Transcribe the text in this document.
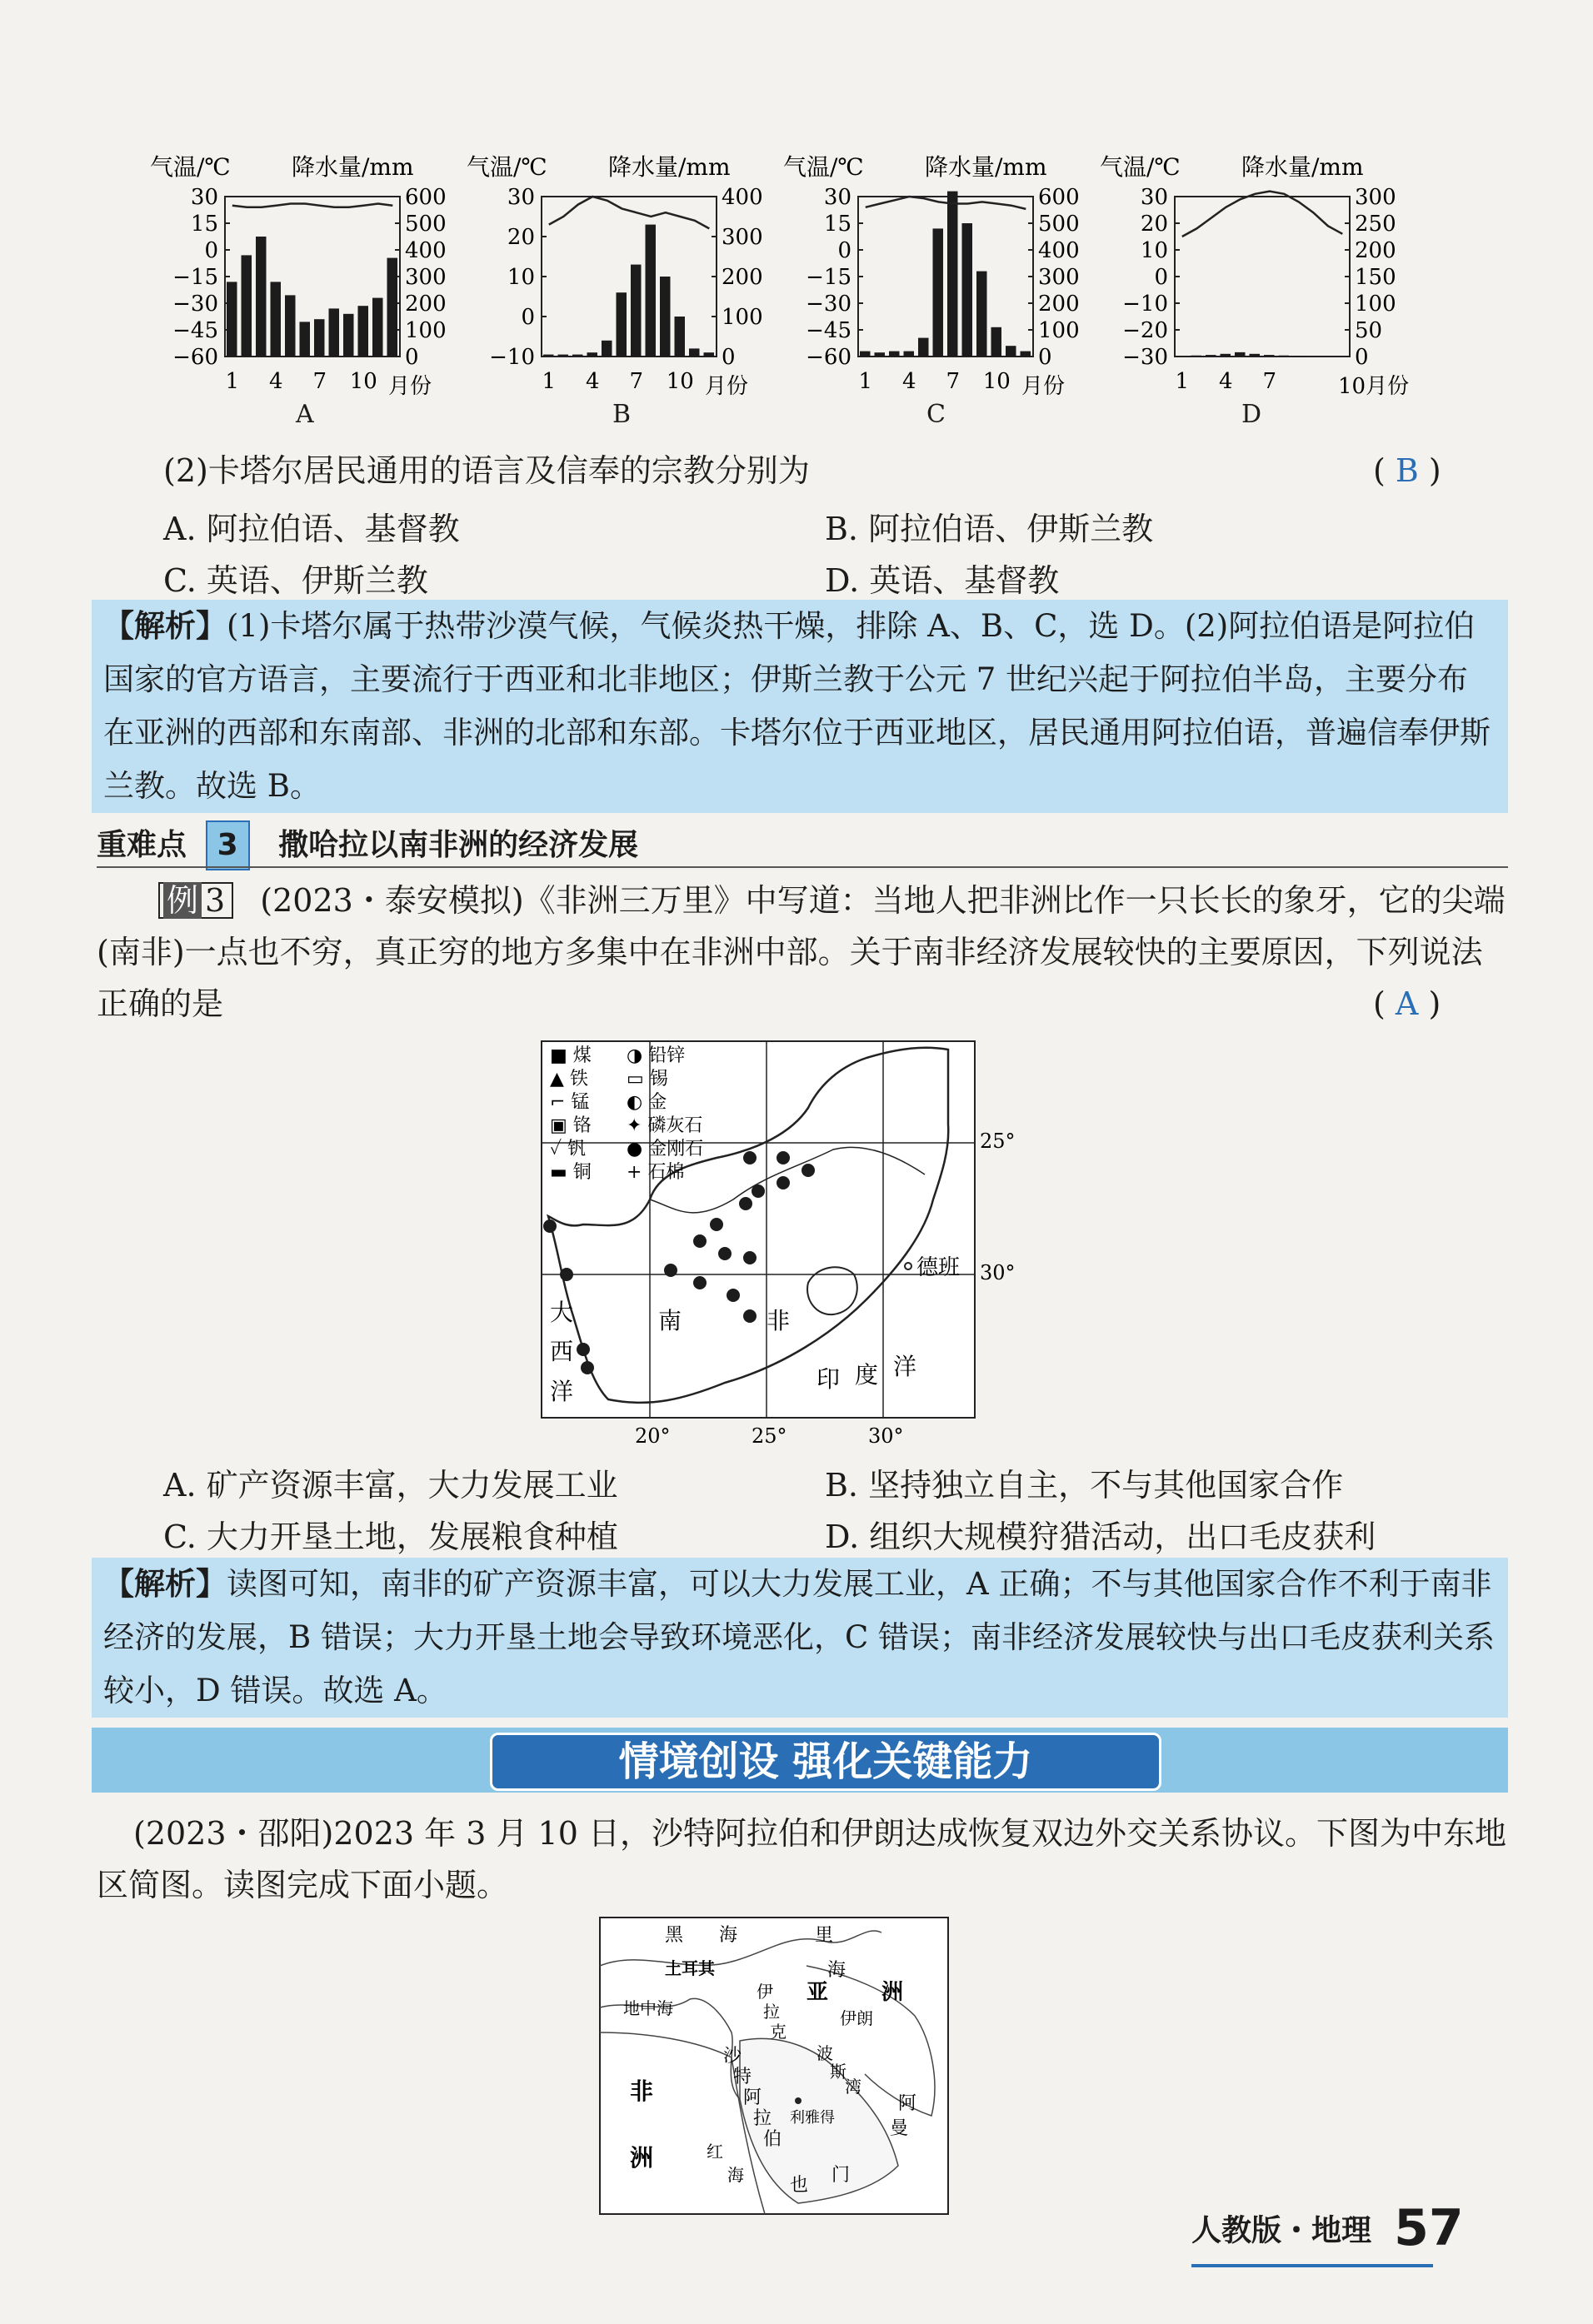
气温/℃	降水量/mm
30
15
0
−15
−30
−45
−60
600
500
400
300
200
100
0
1 4 7 10 月份
气温/℃	降水量/mm
30
20
10
0
−10
400
300
200
100
0
1 4 7 10 月份
气温/℃	降水量/mm
30
15
0
−15
−30
−45
−60
600
500
400
300
200
100
0
1 4 7 10 月份
气温/℃	降水量/mm
30
20
10
0
−10
−20
−30
300
250
200
150
100
50
0
1 4 7	10月份
A	B	C	D
(2)卡塔尔居民通用的语言及信奉的宗教分别为	( B )
A. 阿拉伯语、基督教	B. 阿拉伯语、伊斯兰教
C. 英语、伊斯兰教	D. 英语、基督教
【解析】(1)卡塔尔属于热带沙漠气候，气候炎热干燥，排除 A、B、C，选 D。(2)阿拉伯语是阿拉伯国家的官方语言，主要流行于西亚和北非地区；伊斯兰教于公元 7 世纪兴起于阿拉伯半岛，主要分布在亚洲的西部和东南部、非洲的北部和东部。卡塔尔位于西亚地区，居民通用阿拉伯语，普遍信奉伊斯兰教。故选 B。
重难点 3 撒哈拉以南非洲的经济发展
例 3 (2023・泰安模拟)《非洲三万里》中写道：当地人把非洲比作一只长长的象牙，它的尖端(南非)一点也不穷，真正穷的地方多集中在非洲中部。关于南非经济发展较快的主要原因，下列说法正确的是	( A )
■ 煤 ◑ 铅锌
▲ 铁 ▭ 锡
⌐ 锰 ◐ 金
▣ 铬 ✦ 磷灰石
✓ 钒 ● 金刚石
▬ 铜 + 石棉
25°
30°
20°	25°	30°
德班
南	非
大
西
洋	印 度 洋
A. 矿产资源丰富，大力发展工业	B. 坚持独立自主，不与其他国家合作
C. 大力开垦土地，发展粮食种植	D. 组织大规模狩猎活动，出口毛皮获利
【解析】读图可知，南非的矿产资源丰富，可以大力发展工业，A 正确；不与其他国家合作不利于南非经济的发展，B 错误；大力开垦土地会导致环境恶化，C 错误；南非经济发展较快与出口毛皮获利关系较小，D 错误。故选 A。
情境创设 强化关键能力
(2023・邵阳)2023 年 3 月 10 日，沙特阿拉伯和伊朗达成恢复双边外交关系协议。下图为中东地区简图。读图完成下面小题。
黑 海	里
海
土耳其
亚 洲
地中海	伊朗
伊
拉
克
沙
特
阿
拉
伯
利雅得
波
斯
湾
非
洲	红
海	也 门
阿
曼
人教版・地理 57
